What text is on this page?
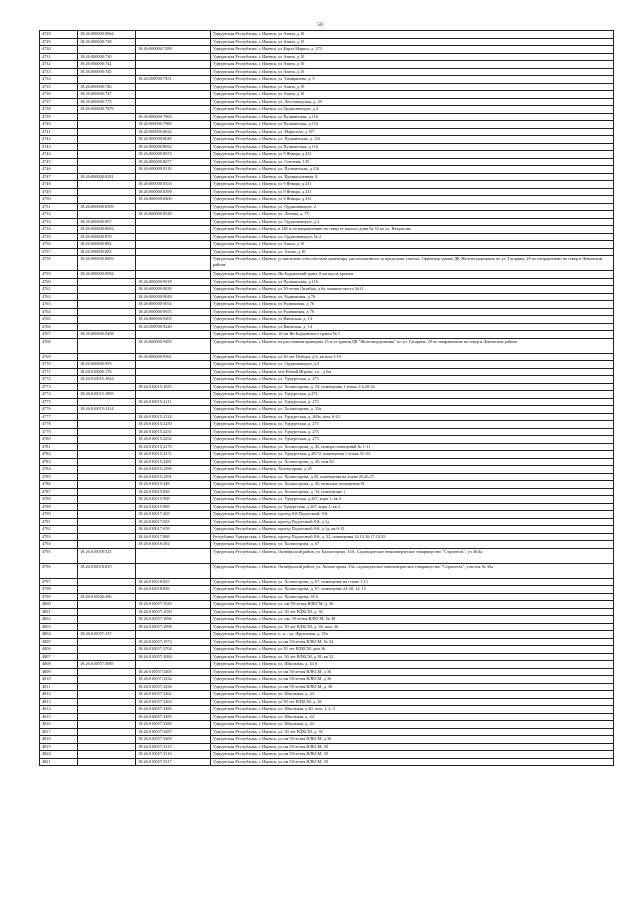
50
4728	18:26:000000:9964		Удмуртская Республика, г. Ижевск, ул Азина, д 10
4729	18:26:000000:728		Удмуртская Республика, г. Ижевск, ул Азина, д 10
4730		18:26:000000:7288	Удмуртская Республика, г. Ижевск, ул Карла Маркса, д. 273
4731	18:26:000000:730		Удмуртская Республика, г. Ижевск, ул Азина, д 10
4732	18:26:000000:742		Удмуртская Республика, г. Ижевск, ул Азина, д 10
4733	18:26:000000:745		Удмуртская Республика, г. Ижевск, ул Азина, д 10
4734		18:26:000000:7451	Удмуртская Республика, г. Ижевск, ул. Тимирязева, д. 5
4735	18:26:000000:746		Удмуртская Республика, г. Ижевск, ул Азина, д 10
4736	18:26:000000:747		Удмуртская Республика, г. Ижевск, ул Азина, д 10
4737	18:26:000000:775		Удмуртская Республика, г. Ижевск, ул. Лесозаводская, д. 29
4738	18:26:000000:7879		Удмуртская Республика, г. Ижевск, ул Орджоникидзе, д 2
4739		18:26:000000:7963	Удмуртская Республика, г. Ижевск, ул Пушкинская, д 116
4740		18:26:000000:7986	Удмуртская Республика, г. Ижевск, ул Пушкинская, д 116
4741		18:26:000000:8024	Удмуртская Республика, г. Ижевск, ул. Марксина, д 197
4742		18:26:000000:8049	Удмуртская Республика, г. Ижевск, ул. Пушкинская, д. 116
4743		18:26:000000:8052	Удмуртская Республика, г. Ижевск, ул Пушкинская, д 116
4744		18:26:000000:8074	Удмуртская Республика, г. Ижевск, ул 9 Января, д 231
4745		18:26:000000:8077	Удмуртская Республика, г. Ижевск, ул. Союзная, 135
4746		18:26:000000:8118	Удмуртская Республика, г. Ижевск, ул. Пушкинская, д 116
4747	18:26:000000:8281		Удмуртская Республика, г. Ижевск, ул. Промышленная, 8
4748		18:26:000000:8354	Удмуртская Республика, г. Ижевск, ул 9 Января, д 231
4749		18:26:000000:8399	Удмуртская Республика, г. Ижевск, ул 9 Января, д 231
4750		18:26:000000:8400	Удмуртская Республика, г. Ижевск, ул 9 Января, д 231
4751	18:26:000000:8509		Удмуртская Республика, г. Ижевск, ул. Орджоникидзе, 2
4752		18:26:000000:8548	Удмуртская Республика, г. Ижевск, ул. Ленина, д. 75
4753	18:26:000000:867		Удмуртская Республика, г. Ижевск, ул. Орджоникидзе, д 2
4754	18:26:000000:8692		Удмуртская Республика, г. Ижевск, в 120 м по направлению на север от жилого дома № 33 по ул. Некрасова
4755	18:26:000000:870		Удмуртская Республика, г. Ижевск, ул. Орджоникидзе, № 2
4756	18:26:000000:882		Удмуртская Республика, г. Ижевск, ул Азина, д 10
4757	18:26:000000:883		Удмуртская Республика, г. Ижевск, ул. Азина, д 10
4758	18:26:000000:8893		Удмуртская Республика, г. Ижевск, установлено относительно ориентира, расположенного за пределами участка. Ориентир здание ДК Железнодорожник по ул. Гагарина, 29 по направлению на север в Ленинском районе
4759	18:26:000000:8994		Удмуртская Республика, г. Ижевск, Як-Бодьинский тракт, 8 км вдоль кромки
4760		18:26:000000:9018	Удмуртская Республика, г. Ижевск, ул Пушкинская, д 116
4761		18:26:000000:9039	Удмуртская Республика, г. Ижевск, ул 50-летия Октября, д 6а, машино-место №13
4762		18:26:000000:9049	Удмуртская Республика, г. Ижевск, ул. Родниковая, д 76
4763		18:26:000000:9054	Удмуртская Республика, г. Ижевск, ул Родниковая, д 76
4764		18:26:000000:9055	Удмуртская Республика, г. Ижевск, ул Родниковая, д 76
4765		18:26:000000:9205	Удмуртская Республика, г. Ижевск, ул Ижевская, д. 14
4766		18:26:000000:9220	Удмуртская Республика, г. Ижевск, ул Ижевская, д. 14
4767	18:26:000000:9408		Удмуртская Республика, г. Ижевск, 16 км Як-Бодьинского тракта № 1
4768		18:26:000000:9495	Удмуртская Республика, г. Ижевск, на расстоянии примерно 15 м от здания ДК "Железнодорожник" по ул. Гагарина, 29 по направлению на север в Ленинском районе
4769		18:26:000000:9561	Удмуртская Республика, г. Ижевск, ул 30 лет Победы, д 6, кв пом 1-10
4770	18:26:000000:993		Удмуртская Республика, г. Ижевск, ул. Орджоникидзе, д 2
4771	18:26:010006:176		Удмуртская Республика, г. Ижевск, м-н Новый Игрыш, ул, , д 6м
4772	18:26:010015:1824		Удмуртская Республика, г. Ижевск, ул. Удмуртская, д. 273
4773		18:26:010015:1825	Удмуртская Республика, г. Ижевск, ул. Холмогорова, д. 33, помещения 1 этажа 1-4,20-32
4774	18:26:010015:1895		Удмуртская Республика, г. Ижевск, ул. Удмуртская, д 273
4775		18:26:010015:2111	Удмуртская Республика, г. Ижевск, ул. Удмуртская, д. 273
4776	18:26:010015:2114		Удмуртская Республика, г. Ижевск, ул. Холмогорова, д. 33а
4777		18:26:010015:2124	Удмуртская Республика, г. Ижевск, ул. Удмуртская, д. 269а, пом. 6-23
4778		18:26:010015:2250	Удмуртская Республика, г. Ижевск, ул. Удмуртская, д. 273
4779		18:26:010015:2251	Удмуртская Республика, г. Ижевск, ул. Удмуртская, д. 273
4780		18:26:010015:2252	Удмуртская Республика, г. Ижевск, ул. Удмуртская, д. 273
4781		18:26:010015:2270	Удмуртская Республика, г. Ижевск, ул. Холмогорова, д. 45, номера помещений № 1-11
4782		18:26:010015:2271	Удмуртская Республика, г. Ижевск, ул. Удмуртская, д 267/2, помещения 1 этажа 31-34
4783		18:26:010015:2281	Удмуртская Республика, г. Ижевск, ул. Холмогорова, д. 45, пом 82
4784		18:26:010015:2296	Удмуртская Республика, г. Ижевск, Холмогорова, д 45
4785		18:26:010015:2291	Удмуртская Республика, г. Ижевск, ул. Холмогорова, д 45, помещения на этаже 25,26,27
4786		18:26:010015:448	Удмуртская Республика, г. Ижевск, ул. Холмогорова, д. 45, нежилые помещения 81
4787		18:26:010015:848	Удмуртская Республика, г. Ижевск, ул. Холмогорова, д. 33, помещение 1
4788		18:26:010015:968	Удмуртская Республика, г. Ижевск, ул. Удмуртская, д 267, корп 1, кв 4
4789		18:26:010015:969	Удмуртская Республика, г. Ижевск, ул Удмуртская, д 267, корп 1, кв 4
4790		18:26:010017:265	Удмуртская Республика, г. Ижевск, проезд 8-й Подлесный, 9-й
4791		18:26:010017:603	Удмуртская Республика, г. Ижевск, проезд Подлесный 8-й, д 1д
4792		18:26:010017:658	Удмуртская Республика, г. Ижевск, проезд Подлесный 8-й, д 1д, кв 6-13
4793		18:26:010017:868	Республика Удмуртская, г. Ижевск, проезд Подлесный 8-й, д. 32, помещения 14,15,16,17,18,25
4794		18:26:010018:492	Удмуртская Республика, г. Ижевск, ул. Холмогорова, д. 67
4795	18:26:010018:525		Удмуртская Республика, г. Ижевск, Октябрьский район, ул Холмогорова, 33А, Садоводческое некоммерческое товарищество "Строитель", уч 36/4а
4796	18:26:010018:819		Удмуртская Республика, г. Ижевск, Октябрьский район, ул. Холмогорова, 33а, садоводческое некоммерческое товарищество "Строитель", участок № 36а
4797		18:26:010018:835	Удмуртская Республика, г. Ижевск, ул. Холмогорова, д. 67, помещение на плане 1-13
4798		18:26:010018:839	Удмуртская Республика, г. Ижевск, ул. Холмогорова, д. 67, помещение 24-28, 14, 15
4799	18:26:010026:296		Удмуртская Республика, г. Ижевск, ул. Холмогорова, 65 б
4800		18:26:010057:1029	Удмуртская Республика, г. Ижевск, ул. им 50-летия ВЛКСМ, д. 36
4801		18:26:010057:1030	Удмуртская Республика, г. Ижевск, ул. 50 лет ВЛКСМ, д. 36
4802		18:26:010057:1096	Удмуртская Республика, г. Ижевск, ул. им. 50-летия ВЛКСМ, № 38
4803		18:26:010057:1098	Удмуртская Республика, г. Ижевск, ул. 50 лет ВЛКСМ, д. 38, пом. 36
4804	18:26:010057:137		Удмуртская Республика, г. Ижевск, п. п. , ул. Фруктовая, д. 35а
4805		18:26:010057:1973	Удмуртская Республика, г. Ижевск, ул им 50-летия ВЛКСМ, № 34
4806		18:26:010057:2704	Удмуртская Республика, г. Ижевск, ул 50 лет ВЛКСМ, дом 36
4807		18:26:010057:3084	Удмуртская Республика, г. Ижевск, ул. 50 лет ВЛКСМ, д 38, кв 52
4808	18:26:010057:3085		Удмуртская Республика, г. Ижевск, ул. Школьная, д. 44 б
4809		18:26:010057:3205	Удмуртская Республика, г. Ижевск, ул им 50-летия ВЛКСМ, д 36
4810		18:26:010057:3232	Удмуртская Республика, г. Ижевск, ул им 50-летия ВЛКСМ, д 36
4811		18:26:010057:3236	Удмуртская Республика, г. Ижевск, ул им 50-летия ВЛКСМ, д. 36
4812		18:26:010057:3262	Удмуртская Республика, г. Ижевск, ул. Школьная, д. 44
4813		18:26:010057:3263	Удмуртская Республика, г. Ижевск, ул 50 лет ВЛКСМ, д. 38
4814		18:26:010057:3284	Удмуртская Республика, г. Ижевск, ул. Школьная, д 40, пом. 1, 2, 3
4815		18:26:010057:3285	Удмуртская Республика, г. Ижевск, ул. Школьная, д. 44
4816		18:26:010057:3286	Удмуртская Республика, г. Ижевск, ул. Школьная, д. 44
4817		18:26:010057:3287	Удмуртская Республика, г. Ижевск, ул. 50 лет ВЛКСМ, д. 38
4818		18:26:010057:3309	Удмуртская Республика, г. Ижевск, ул им 50-летия ВЛКСМ, д 36
4819		18:26:010057:3315	Удмуртская Республика, г. Ижевск, ул им 50-летия ВЛКСМ, 30
4820		18:26:010057:3316	Удмуртская Республика, г. Ижевск, ул им 50-летия ВЛКСМ, 30
4821		18:26:010057:3317	Удмуртская Республика, г. Ижевск, ул им 50-летия ВЛКСМ, 30
